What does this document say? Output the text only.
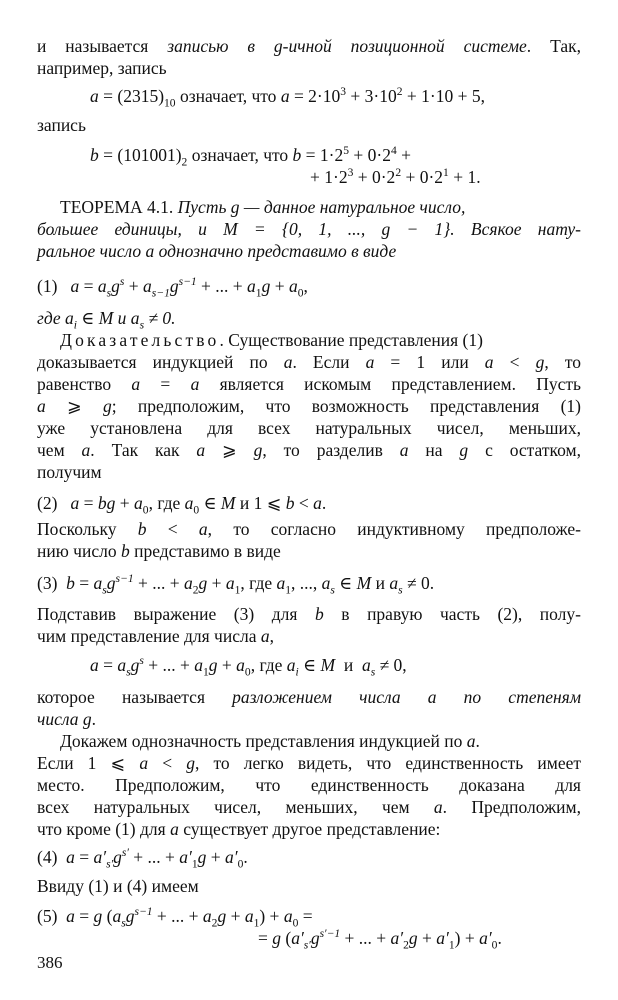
и называется записью в g-ичной позиционной системе. Так,
например, запись
$a = (2315)_{10}$ означает, что $a = 2\cdot 10^3 + 3\cdot 10^2 + 1\cdot 10 + 5$,
запись
$b = (101001)_2$ означает, что $b = 1\cdot 2^5 + 0\cdot 2^4$ +
+ $1\cdot 2^3 + 0\cdot 2^2 + 0\cdot 2^1 + 1$.
ТЕОРЕМА 4.1. Пусть g — данное натуральное число,
большее единицы, и M = {0, 1, ..., g − 1}. Всякое нату-
ральное число a однозначно представимо в виде
(1)   $a = a_sg^s + a_{s-1}g^{s-1}$ + ... + $a_1g + a_0$,
где $a_i$ ∈ M и $a_s \ne 0$.
Доказательство. Существование представления (1)
доказывается индукцией по a. Если a = 1 или a < g, то
равенство a = a является искомым представлением. Пусть
a ⩾ g; предположим, что возможность представления (1)
уже установлена для всех натуральных чисел, меньших,
чем a. Так как a ⩾ g, то разделив a на g с остатком,
получим
(2)   a = bg + $a_0$, где $a_0$ ∈ M и 1 ⩽ b < a.
Поскольку b < a, то согласно индуктивному предположе-
нию число b представимо в виде
(3)  $b = a_sg^{s-1}$ + ... + $a_2g + a_1$, где $a_1$, ..., $a_s$ ∈ M и $a_s \ne 0$.
Подставив выражение (3) для b в правую часть (2), полу-
чим представление для числа a,
$a = a_sg^s$ + ... + $a_1g + a_0$, где $a_i$ ∈ M  и  $a_s \ne 0$,
которое называется разложением числа a по степеням
числа g.
Докажем однозначность представления индукцией по a.
Если 1 ⩽ a < g, то легко видеть, что единственность имеет
место. Предположим, что единственность доказана для
всех натуральных чисел, меньших, чем a. Предположим,
что кроме (1) для a существует другое представление:
(4)  $a = a'_{s'}g^{s'}$ + ... + $a'_1g + a'_0$.
Ввиду (1) и (4) имеем
(5)  a = g ($a_sg^{s-1}$ + ... + $a_2g + a_1) + a_0$ =
= g ($a'_{s'}g^{s'-1}$ + ... + $a'_2g + a'_1) + a'_0$.
386
